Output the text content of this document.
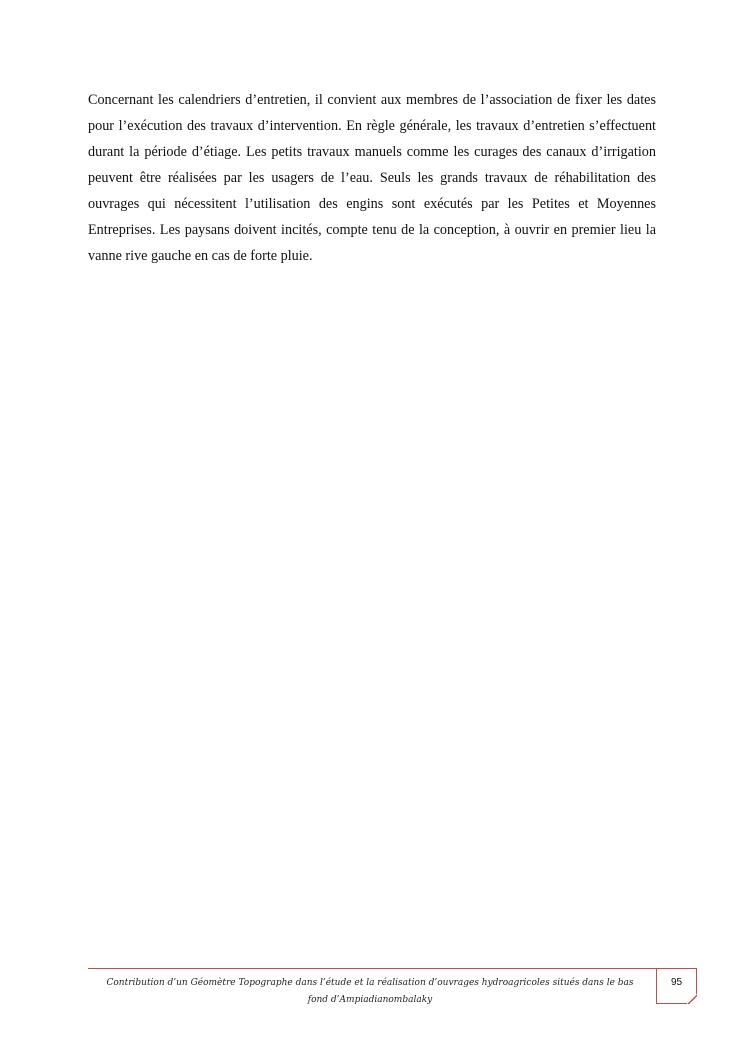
Concernant les calendriers d’entretien, il convient aux membres de l’association de fixer les dates pour l’exécution des travaux d’intervention. En règle générale, les travaux d’entretien s’effectuent durant la période d’étiage. Les petits travaux manuels comme les curages des canaux d’irrigation peuvent être réalisées par les usagers de l’eau. Seuls les grands travaux de réhabilitation des ouvrages qui nécessitent l’utilisation des engins sont exécutés par les Petites et Moyennes Entreprises. Les paysans doivent incités, compte tenu de la conception, à ouvrir en premier lieu la vanne rive gauche en cas de forte pluie.

Contribution d’un Géomètre Topographe dans l’étude et la réalisation d’ouvrages hydroagricoles situés dans le bas fond d’Ampiadianombalaky
95
